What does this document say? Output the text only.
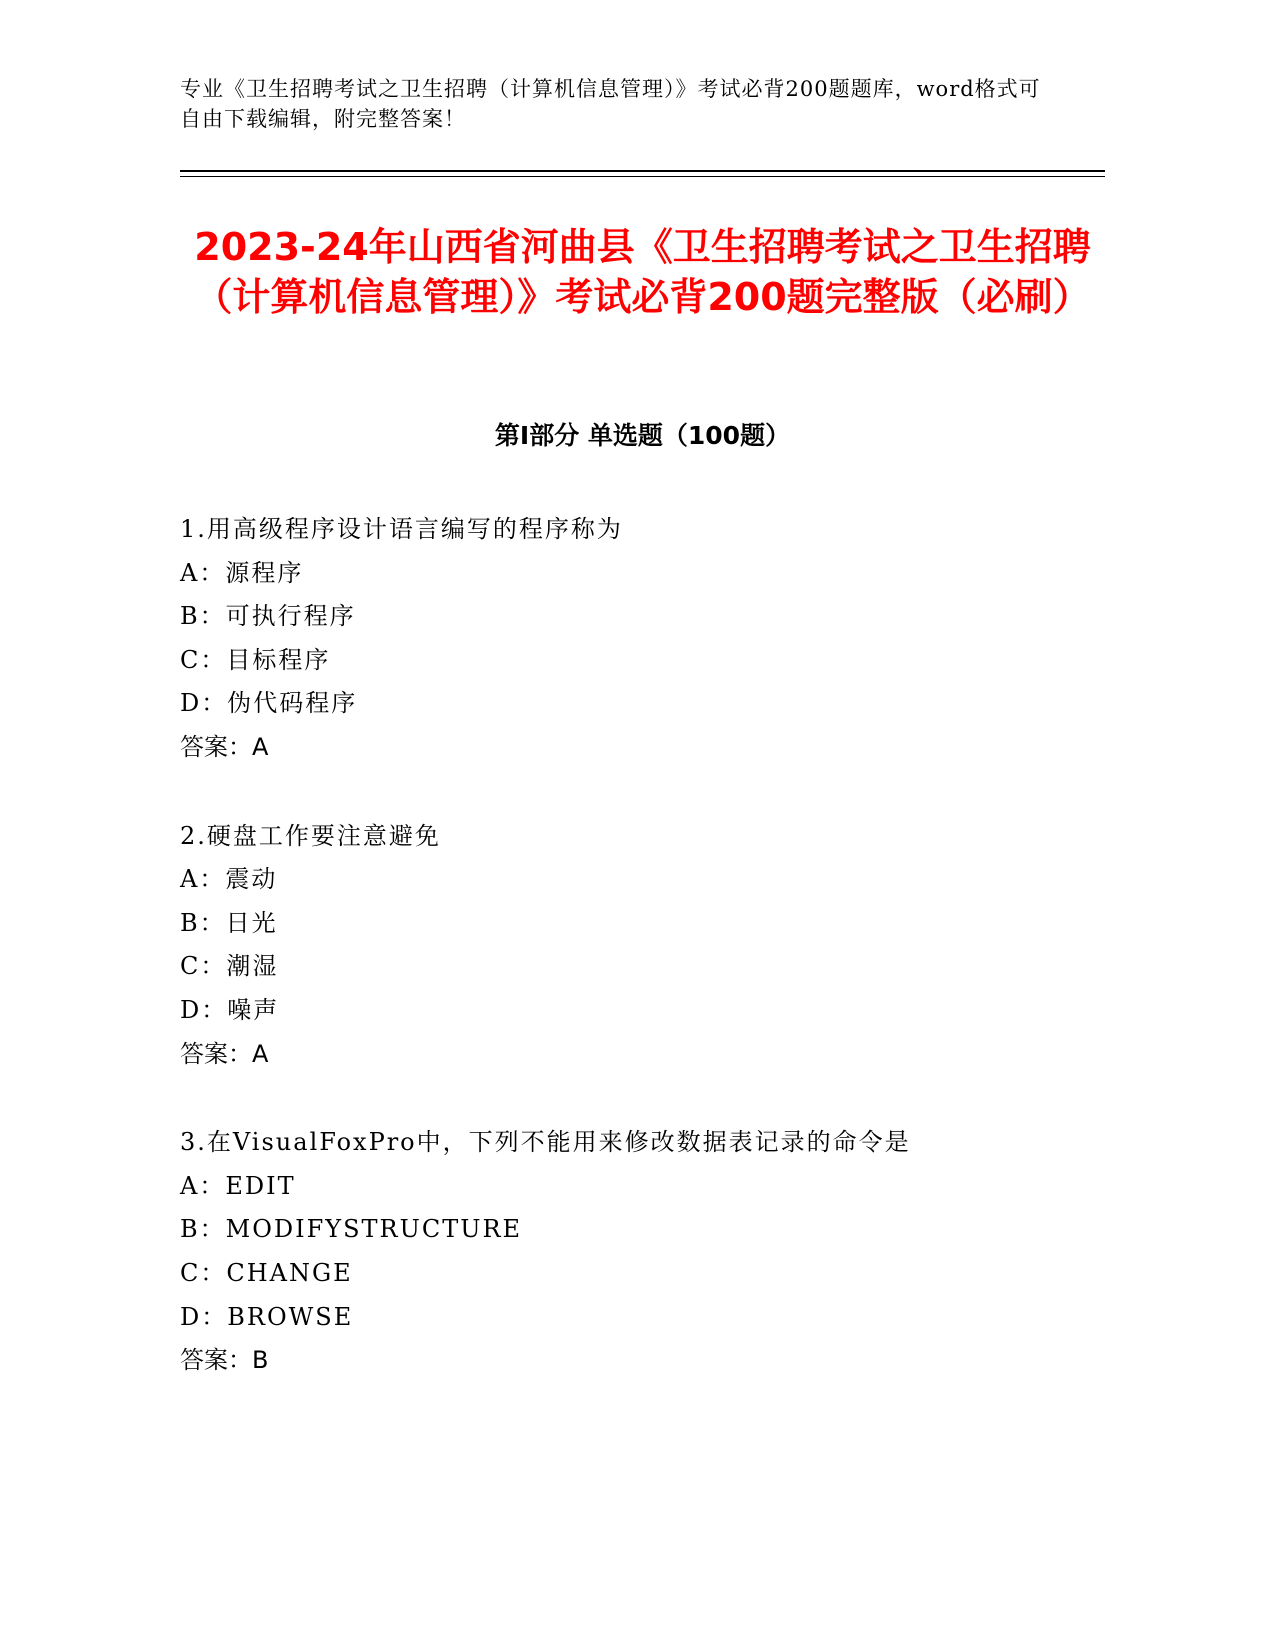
专业《卫生招聘考试之卫生招聘（计算机信息管理）》考试必背200题题库，word格式可自由下载编辑，附完整答案！

2023-24年山西省河曲县《卫生招聘考试之卫生招聘（计算机信息管理）》考试必背200题完整版（必刷）
第Ⅰ部分 单选题（100题）
1.用高级程序设计语言编写的程序称为
A：源程序
B：可执行程序
C：目标程序
D：伪代码程序
答案：A
2.硬盘工作要注意避免
A：震动
B：日光
C：潮湿
D：噪声
答案：A
3.在VisualFoxPro中，下列不能用来修改数据表记录的命令是
A：EDIT
B：MODIFYSTRUCTURE
C：CHANGE
D：BROWSE
答案：B
